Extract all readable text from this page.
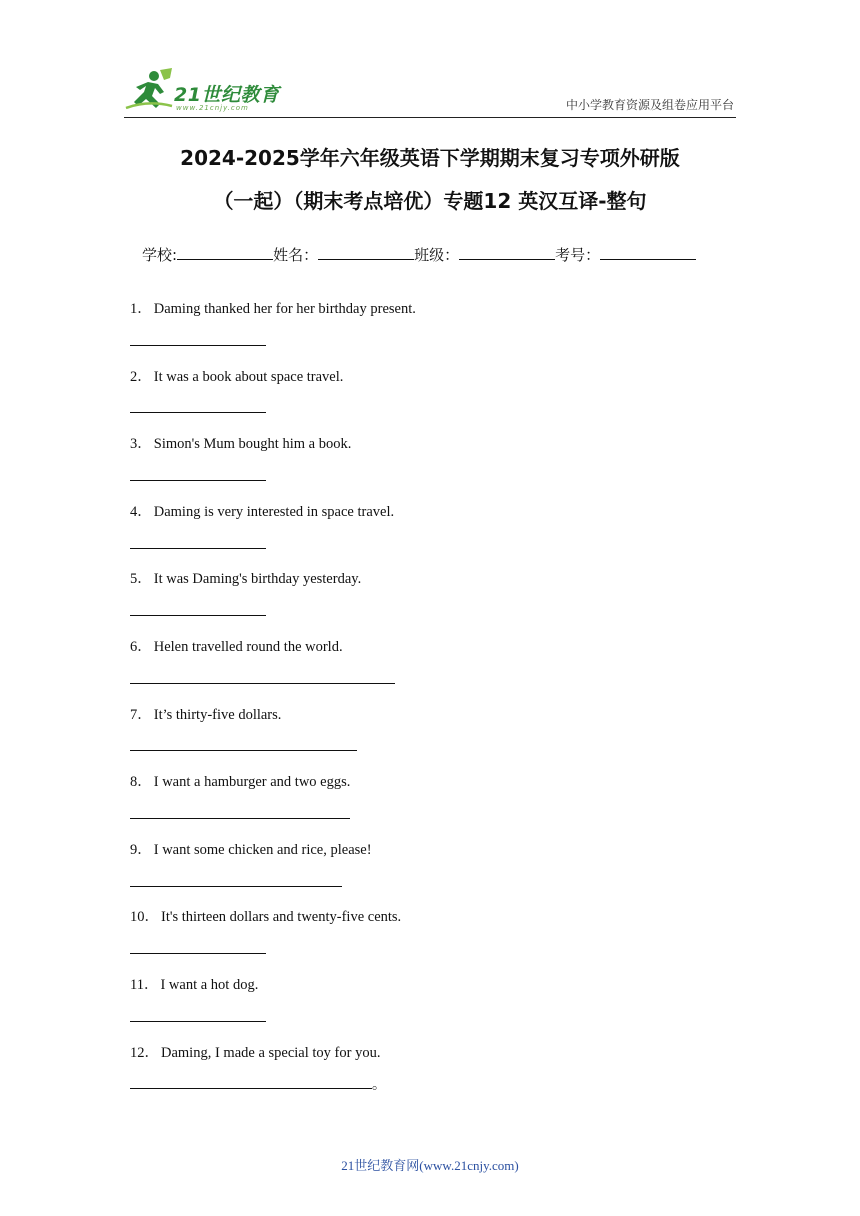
21世纪教育
www.21cnjy.com	中小学教育资源及组卷应用平台
2024-2025学年六年级英语下学期期末复习专项外研版
（一起）（期末考点培优）专题12 英汉互译-整句
学校:	姓名：	班级：	考号：
1． Daming thanked her for her birthday present.
2． It was a book about space travel.
3． Simon's Mum bought him a book.
4． Daming is very interested in space travel.
5． It was Daming's birthday yesterday.
6． Helen travelled round the world.
7． It’s thirty-five dollars.
8． I want a hamburger and two eggs.
9． I want some chicken and rice, please!
10． It's thirteen dollars and twenty-five cents.
11． I want a hot dog.
12． Daming, I made a special toy for you.
。
21世纪教育网(www.21cnjy.com)
